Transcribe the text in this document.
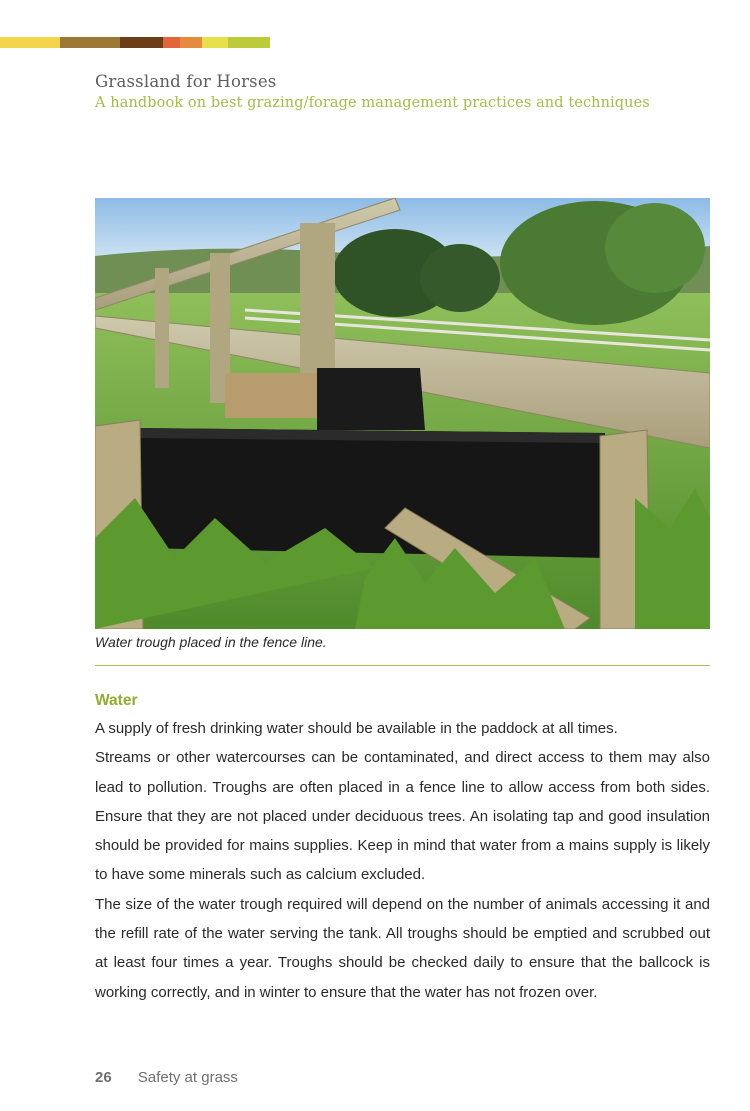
Grassland for Horses
A handbook on best grazing/forage management practices and techniques
Water trough placed in the fence line.
Water
A supply of fresh drinking water should be available in the paddock at all times.
Streams or other watercourses can be contaminated, and direct access to them may also lead to pollution. Troughs are often placed in a fence line to allow access from both sides. Ensure that they are not placed under deciduous trees. An isolating tap and good insulation should be provided for mains supplies. Keep in mind that water from a mains supply is likely to have some minerals such as calcium excluded.
The size of the water trough required will depend on the number of animals accessing it and the refill rate of the water serving the tank. All troughs should be emptied and scrubbed out at least four times a year. Troughs should be checked daily to ensure that the ballcock is working correctly, and in winter to ensure that the water has not frozen over.
26 Safety at grass
